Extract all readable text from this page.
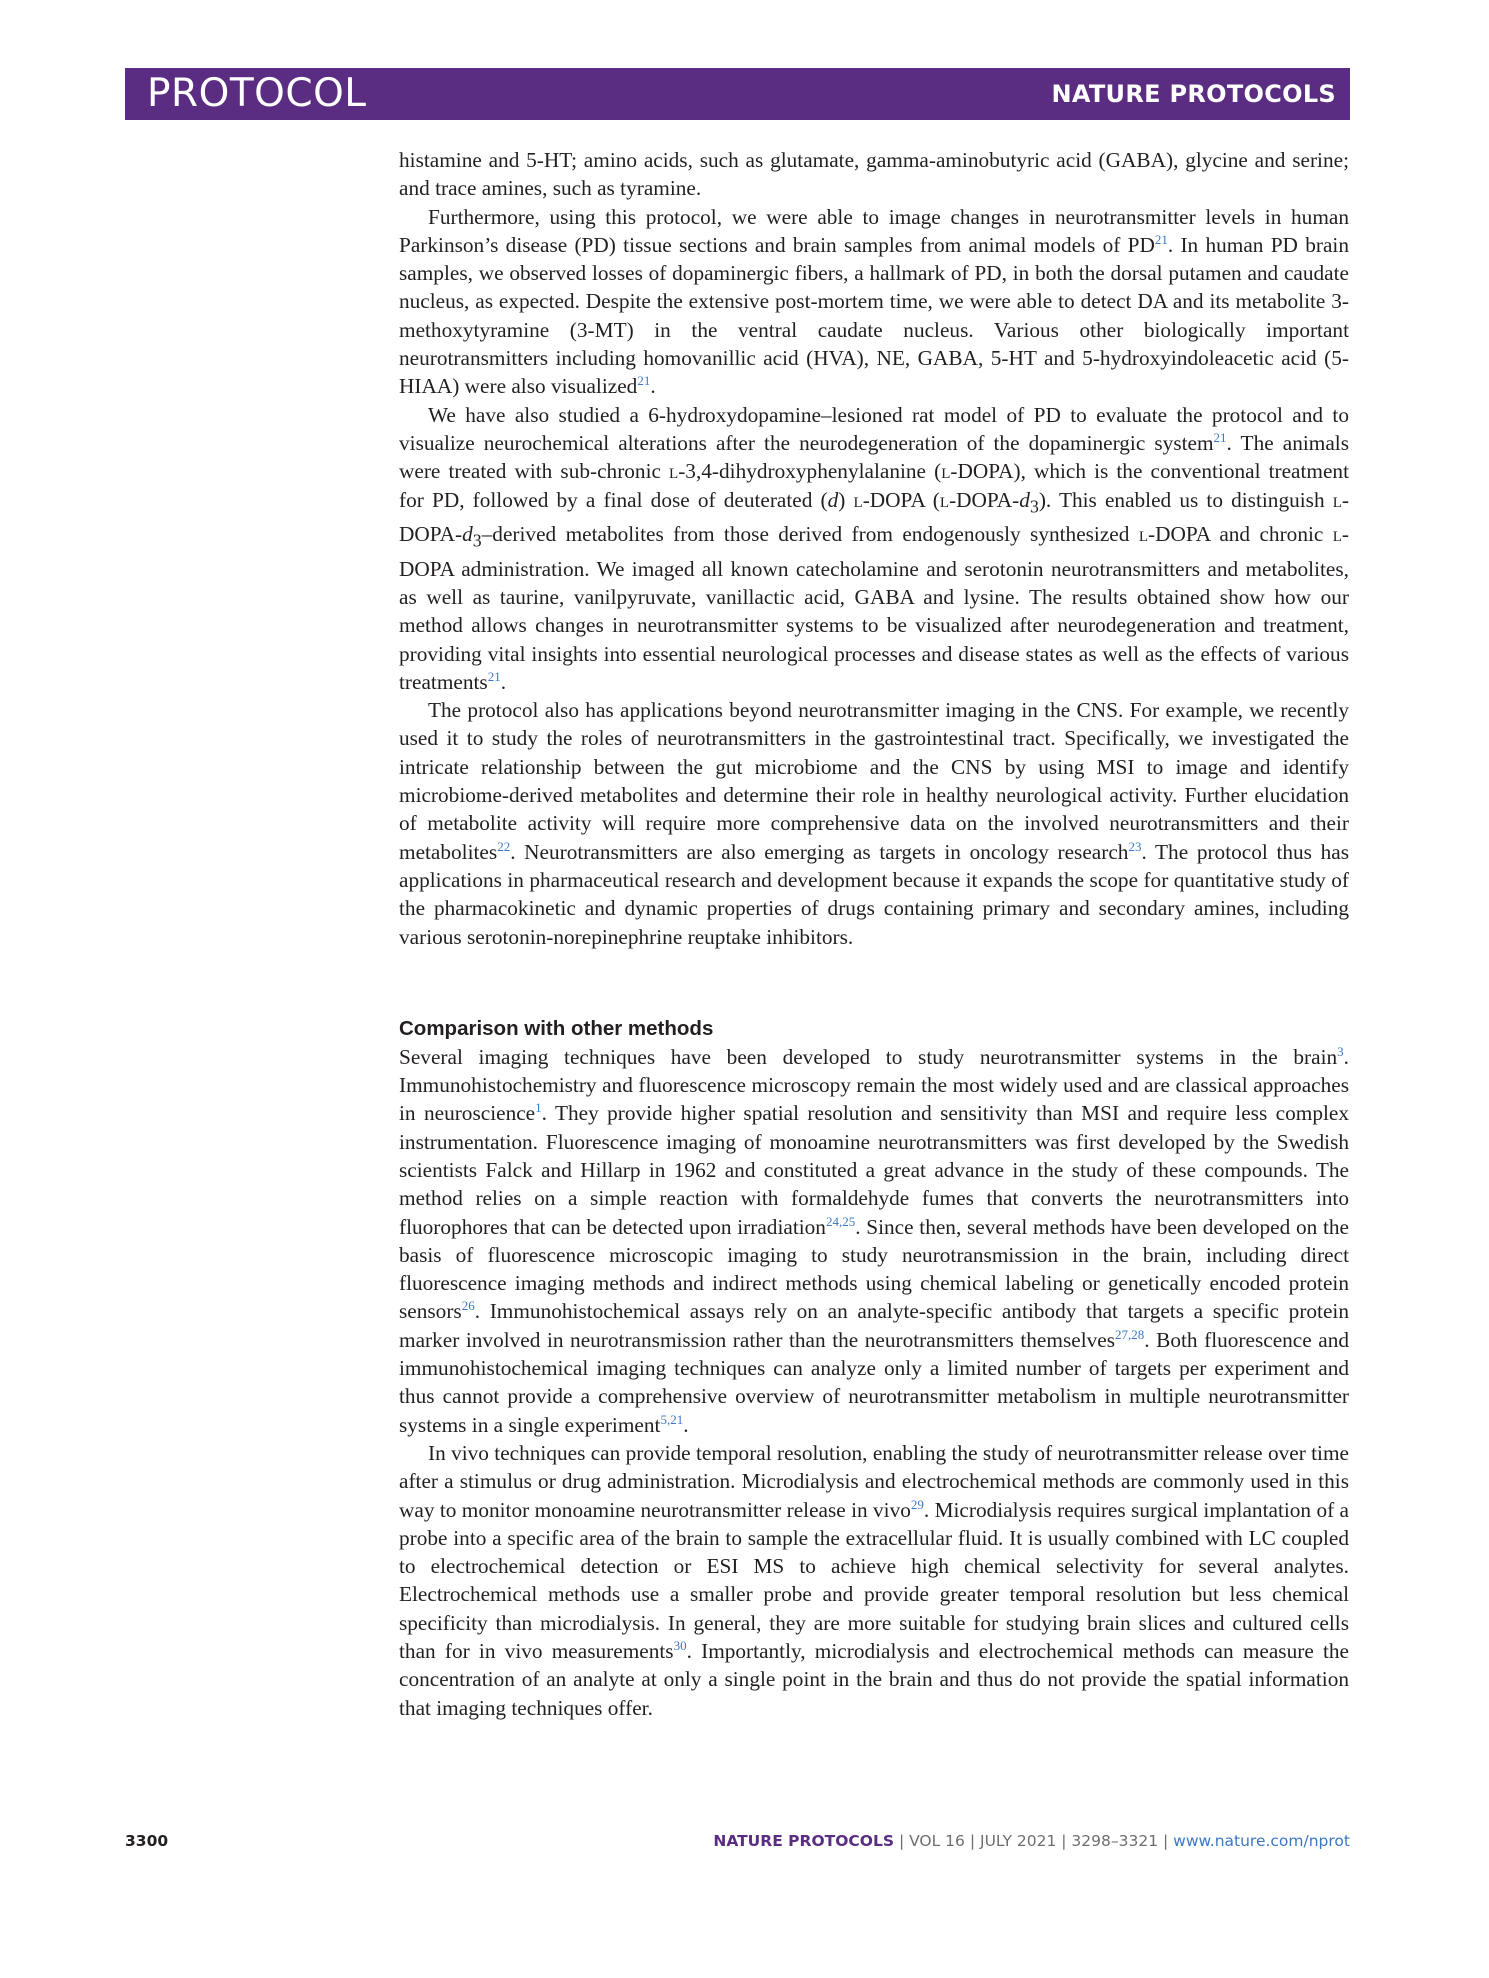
PROTOCOL	NATURE PROTOCOLS

histamine and 5-HT; amino acids, such as glutamate, gamma-aminobutyric acid (GABA), glycine and serine; and trace amines, such as tyramine.

Furthermore, using this protocol, we were able to image changes in neurotransmitter levels in human Parkinson’s disease (PD) tissue sections and brain samples from animal models of PD$^{21}$. In human PD brain samples, we observed losses of dopaminergic fibers, a hallmark of PD, in both the dorsal putamen and caudate nucleus, as expected. Despite the extensive post-mortem time, we were able to detect DA and its metabolite 3-methoxytyramine (3-MT) in the ventral caudate nucleus. Various other biologically important neurotransmitters including homovanillic acid (HVA), NE, GABA, 5-HT and 5-hydroxyindoleacetic acid (5-HIAA) were also visualized$^{21}$.

We have also studied a 6-hydroxydopamine–lesioned rat model of PD to evaluate the protocol and to visualize neurochemical alterations after the neurodegeneration of the dopaminergic system$^{21}$. The animals were treated with sub-chronic l-3,4-dihydroxyphenylalanine (l-DOPA), which is the conventional treatment for PD, followed by a final dose of deuterated (d) l-DOPA $(l-DOPA-d_3)$. This enabled us to distinguish $l-DOPA-d_3$–derived metabolites from those derived from endogenously synthesized l-DOPA and chronic l-DOPA administration. We imaged all known catecholamine and serotonin neurotransmitters and metabolites, as well as taurine, vanilpyruvate, vanillactic acid, GABA and lysine. The results obtained show how our method allows changes in neurotransmitter systems to be visualized after neurodegeneration and treatment, providing vital insights into essential neurological processes and disease states as well as the effects of various treatments$^{21}$.

The protocol also has applications beyond neurotransmitter imaging in the CNS. For example, we recently used it to study the roles of neurotransmitters in the gastrointestinal tract. Specifically, we investigated the intricate relationship between the gut microbiome and the CNS by using MSI to image and identify microbiome-derived metabolites and determine their role in healthy neurological activity. Further elucidation of metabolite activity will require more comprehensive data on the involved neurotransmitters and their metabolites$^{22}$. Neurotransmitters are also emerging as targets in oncology research$^{23}$. The protocol thus has applications in pharmaceutical research and development because it expands the scope for quantitative study of the pharmacokinetic and dynamic properties of drugs containing primary and secondary amines, including various serotonin-norepinephrine reuptake inhibitors.

Comparison with other methods

Several imaging techniques have been developed to study neurotransmitter systems in the brain$^3$. Immunohistochemistry and fluorescence microscopy remain the most widely used and are classical approaches in neuroscience$^1$. They provide higher spatial resolution and sensitivity than MSI and require less complex instrumentation. Fluorescence imaging of monoamine neurotransmitters was first developed by the Swedish scientists Falck and Hillarp in 1962 and constituted a great advance in the study of these compounds. The method relies on a simple reaction with formaldehyde fumes that converts the neurotransmitters into fluorophores that can be detected upon irradiation$^{24,25}$. Since then, several methods have been developed on the basis of fluorescence microscopic imaging to study neurotransmission in the brain, including direct fluorescence imaging methods and indirect methods using chemical labeling or genetically encoded protein sensors$^{26}$. Immunohistochemical assays rely on an analyte-specific antibody that targets a specific protein marker involved in neurotransmission rather than the neurotransmitters themselves$^{27,28}$. Both fluorescence and immunohistochemical imaging techniques can analyze only a limited number of targets per experiment and thus cannot provide a comprehensive overview of neurotransmitter metabolism in multiple neurotransmitter systems in a single experiment$^{5,21}$.

In vivo techniques can provide temporal resolution, enabling the study of neurotransmitter release over time after a stimulus or drug administration. Microdialysis and electrochemical methods are commonly used in this way to monitor monoamine neurotransmitter release in vivo$^{29}$. Microdialysis requires surgical implantation of a probe into a specific area of the brain to sample the extracellular fluid. It is usually combined with LC coupled to electrochemical detection or ESI MS to achieve high chemical selectivity for several analytes. Electrochemical methods use a smaller probe and provide greater temporal resolution but less chemical specificity than microdialysis. In general, they are more suitable for studying brain slices and cultured cells than for in vivo measurements$^{30}$. Importantly, microdialysis and electrochemical methods can measure the concentration of an analyte at only a single point in the brain and thus do not provide the spatial information that imaging techniques offer.

3300	NATURE PROTOCOLS | VOL 16 | JULY 2021 | 3298–3321 | www.nature.com/nprot
